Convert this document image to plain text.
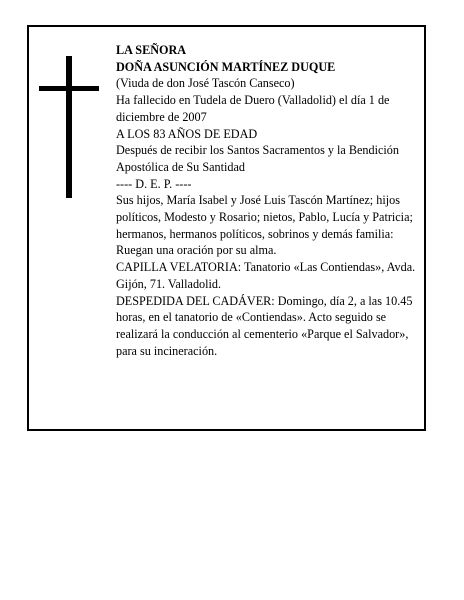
LA SEÑORA
DOÑA ASUNCIÓN MARTÍNEZ DUQUE
(Viuda de don José Tascón Canseco)
Ha fallecido en Tudela de Duero (Valladolid) el día 1 de diciembre de 2007
A LOS 83 AÑOS DE EDAD
Después de recibir los Santos Sacramentos y la Bendición Apostólica de Su Santidad
---- D. E. P. ----
Sus hijos, María Isabel y José Luis Tascón Martínez; hijos políticos, Modesto y Rosario; nietos, Pablo, Lucía y Patricia; hermanos, hermanos políticos, sobrinos y demás familia:
Ruegan una oración por su alma.
CAPILLA VELATORIA: Tanatorio «Las Contiendas», Avda. Gijón, 71. Valladolid.
DESPEDIDA DEL CADÁVER: Domingo, día 2, a las 10.45 horas, en el tanatorio de «Contiendas». Acto seguido se realizará la conducción al cementerio «Parque el Salvador», para su incineración.
